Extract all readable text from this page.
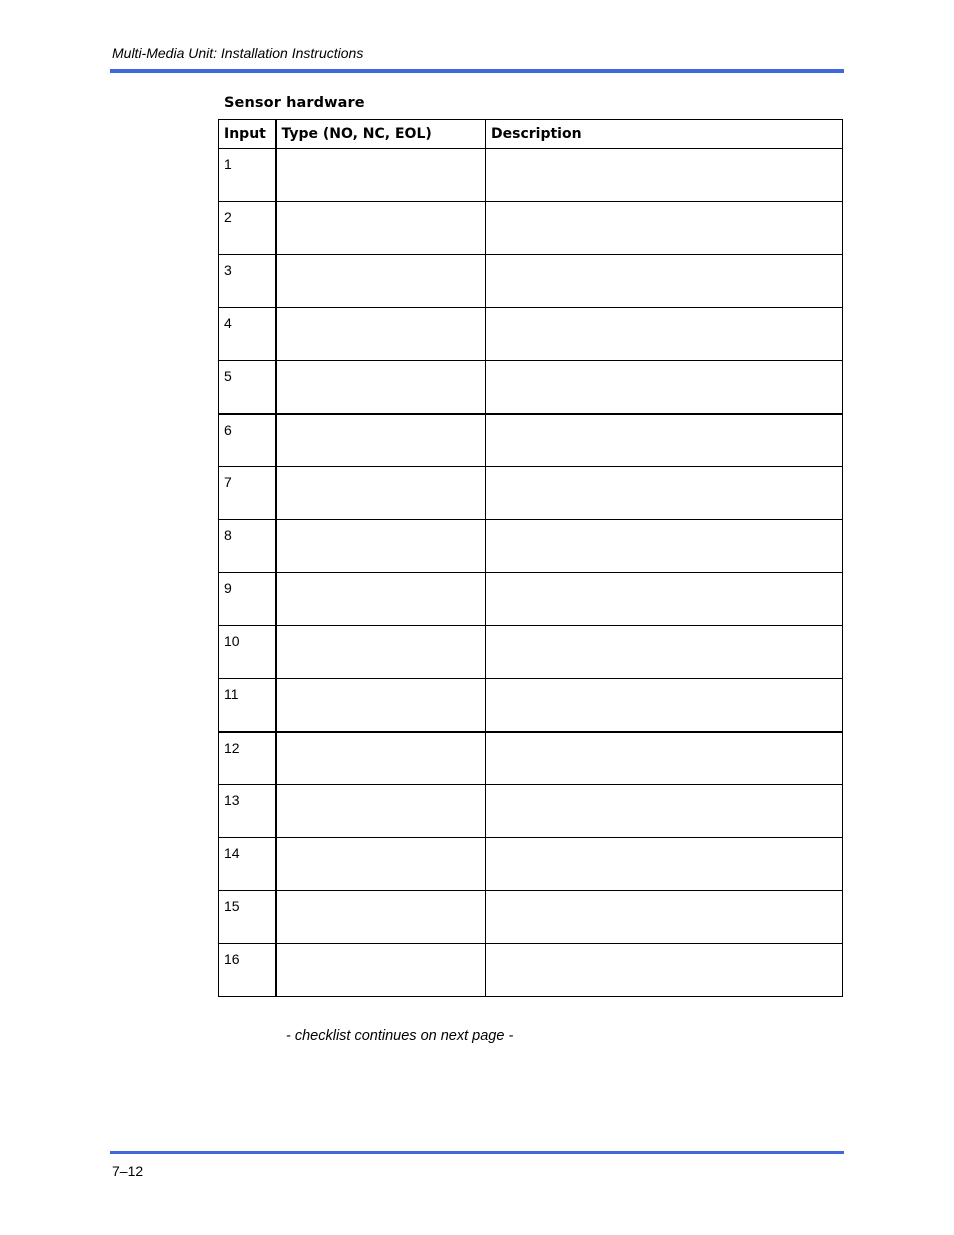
Multi-Media Unit: Installation Instructions
Sensor hardware
Input	Type (NO, NC, EOL)	Description
1		
2		
3		
4		
5		
6		
7		
8		
9		
10		
11		
12		
13		
14		
15		
16		
- checklist continues on next page -
7–12
